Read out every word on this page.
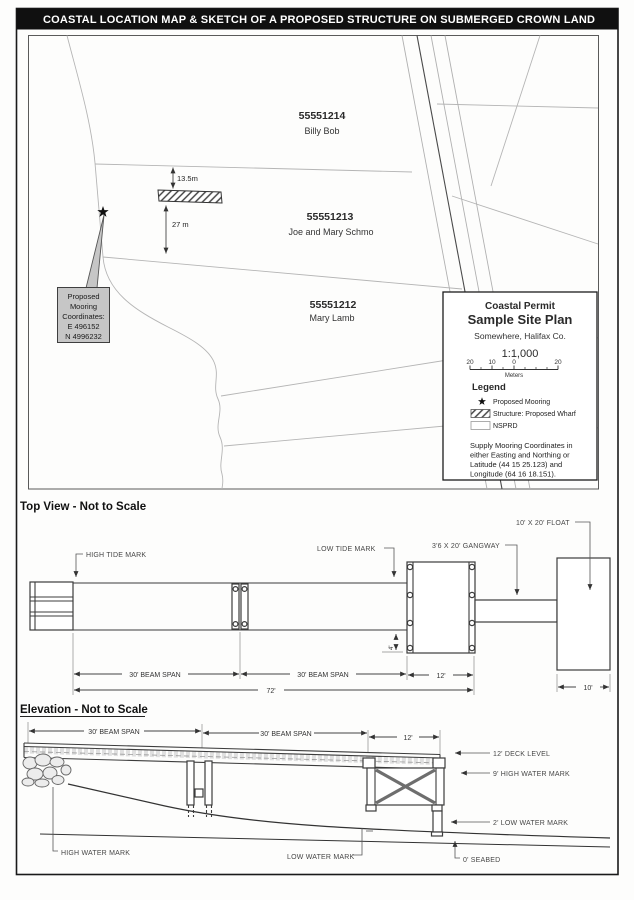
COASTAL LOCATION MAP & SKETCH OF A PROPOSED STRUCTURE ON SUBMERGED CROWN LAND
55551214
Billy Bob
55551213
Joe and Mary Schmo
55551212
Mary Lamb
13.5m
27 m
Proposed
Mooring
Coordinates:
E 496152
N 4996232
Coastal Permit
Sample Site Plan
Somewhere, Halifax Co.
1:1,000
20 10	0	20
Meters
Legend
Proposed Mooring
Structure: Proposed Wharf
NSPRD
Supply Mooring Coordinates in
either Easting and Northing or
Latitude (44 15 25.123) and
Longitude (64 16 18.151).
Top View - Not to Scale
HIGH TIDE MARK
LOW TIDE MARK	3'6 X 20' GANGWAY
10' X 20' FLOAT
30' BEAM SPAN	30' BEAM SPAN	12'
72'	10'
4'
Elevation - Not to Scale
30' BEAM SPAN	30' BEAM SPAN
12'
12' DECK LEVEL
9' HIGH WATER MARK
2' LOW WATER MARK
0' SEABED
HIGH WATER MARK
LOW WATER MARK
